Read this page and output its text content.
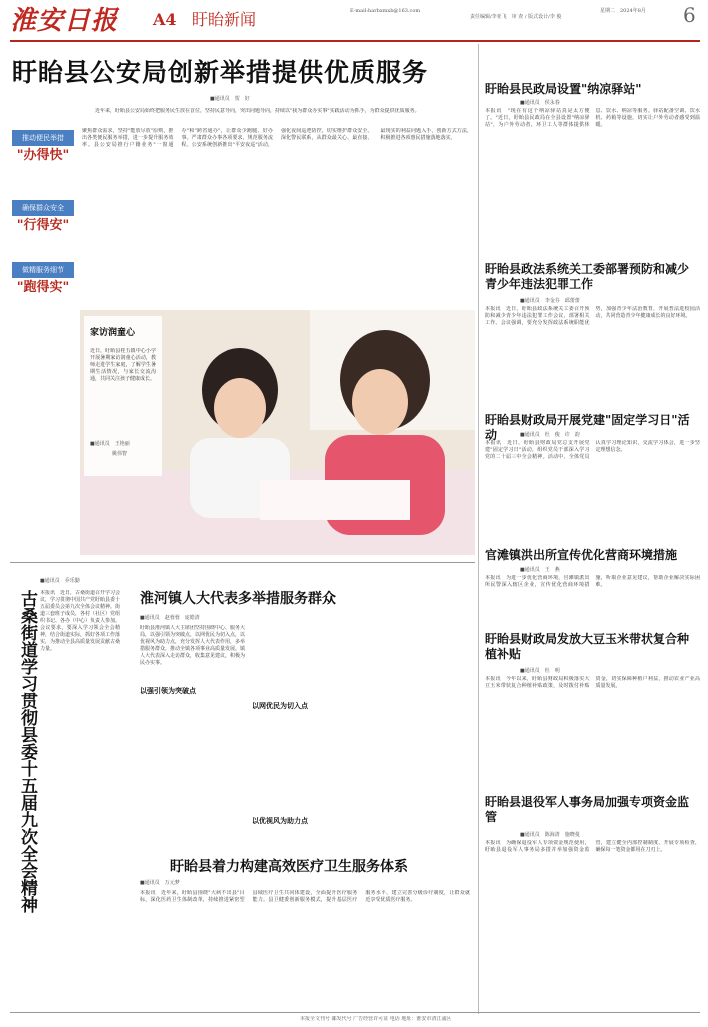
淮安日报 A4 盱眙新闻	E-mail:harbxmxb@163.com
责任编辑/李亚飞　审 查 / 版式设计/李 俊
星期二　2024年8月 6
盱眙县公安局创新举措提供优质服务
■通讯员　贺　好
近年来，盱眙县公安局始终把服务民生放在首位，坚持民意导向，突出问题导向，持续以"我为群众办实事"实践活动为抓手，为群众提供优质服务。
推动便民举措
"办得快"
确保群众安全
"行得安"
做精服务细节
"跑得实"
聚焦群众需求，坚持"能放尽放"原则，推出各类便民服务举措，进一步提升服务效率。县公安局推行户籍业务"一窗通办"和"跨省通办"，让群众少跑腿、好办事。严肃群众办事各项要求，规范服务流程。公安系统创新推出"平安夜巡"活动，强化夜间巡逻防控，切实维护群众安全。深化警民联系，从群众最关心、最直接、最现实的利益问题入手，创新方式方法，积极推进各项惠民措施落地落实。
家访润童心
近日，盱眙县桂五镇中心小学开展暑期家访润童心活动，教师走进学生家庭，了解学生暑期生活情况，与家长交流沟通，共同关注孩子健康成长。
■通讯员　王艳丽
姚伟智
古桑街道学习贯彻县委十五届九次全会精神
■通讯员　乔乐勤
本报讯　近日，古桑街道召开学习会议，学习贯彻中国共产党盱眙县委十五届委员会第九次全体会议精神。街道三套班子成员，各村（社区）党组织书记、各办（中心）负责人参加。会议要求，要深入学习领会全会精神，结合街道实际，抓好各项工作落实，为推动全县高质量发展贡献古桑力量。
淮河镇人大代表多举措服务群众
■通讯员　赵蓉蓉　庞皓清
盱眙县淮河镇人大主席团坚持围绕中心、服务大局，以强引领为突破点，以网优民为切入点，以优视风为助力点，充分发挥人大代表作用，多举措服务群众，推动全镇各项事业高质量发展。镇人大代表深入走访群众，收集意见建议，积极为民办实事。
以强引领为突破点
以网优民为切入点
以优视风为助力点
盱眙县着力构建高效医疗卫生服务体系
■通讯员　万元梦
本报讯　近年来，盱眙县围绕"大病不出县"目标，深化医药卫生体制改革，持续推进紧密型县域医疗卫生共同体建设，全面提升医疗服务能力。县卫健委创新服务模式，提升基层医疗服务水平，建立完善分级诊疗制度，让群众就近享受优质医疗服务。
盱眙县民政局设置"纳凉驿站"
■通讯员　侯永春
本报讯　"现在有这个纳凉驿站真是太方便了。"近日，盱眙县民政局在全县设置"纳凉驿站"，为户外劳动者、环卫工人等群体提供休息、饮水、纳凉等服务。驿站配备空调、饮水机、药箱等设施，切实让户外劳动者感受到温暖。
盱眙县政法系统关工委部署预防和减少青少年违法犯罪工作
■通讯员　李金芬　邱蕾蕾
本报讯　近日，盱眙县政法系统关工委召开预防和减少青少年违法犯罪工作会议，部署相关工作。会议强调，要充分发挥政法系统职能优势，加强青少年法治教育，开展普法进校园活动，共同营造青少年健康成长的良好环境。
盱眙县财政局开展党建"固定学习日"活动	■通讯员　杜　俊　许　韵
本报讯　近日，盱眙县财政局党总支开展党建"固定学习日"活动，组织党员干部深入学习党的二十届三中全会精神。活动中，全体党员认真学习理论知识，交流学习体会，进一步坚定理想信念。
官滩镇洪出所宣传优化营商环境措施
■通讯员　王　燕
本报讯　为进一步优化营商环境，官滩镇派出所民警深入辖区企业，宣传优化营商环境措施，听取企业意见建议，帮助企业解决实际困难。
盱眙县财政局发放大豆玉米带状复合种植补贴
■通讯员　杜　明
本报讯　今年以来，盱眙县财政局积极落实大豆玉米带状复合种植补贴政策，及时拨付补贴资金，切实保障种植户利益，推动农业产业高质量发展。
盱眙县退役军人事务局加强专项资金监管
■通讯员　陈海清　施晓曼
本报讯　为确保退役军人专项资金规范使用，盱眙县退役军人事务局多措并举加强资金监管，建立健全内部控制制度，开展专项检查，确保每一笔资金都用在刀刃上。
本报全文刊号 邮发代号 广告经营许可证 电话 地址：淮安市清江浦区
